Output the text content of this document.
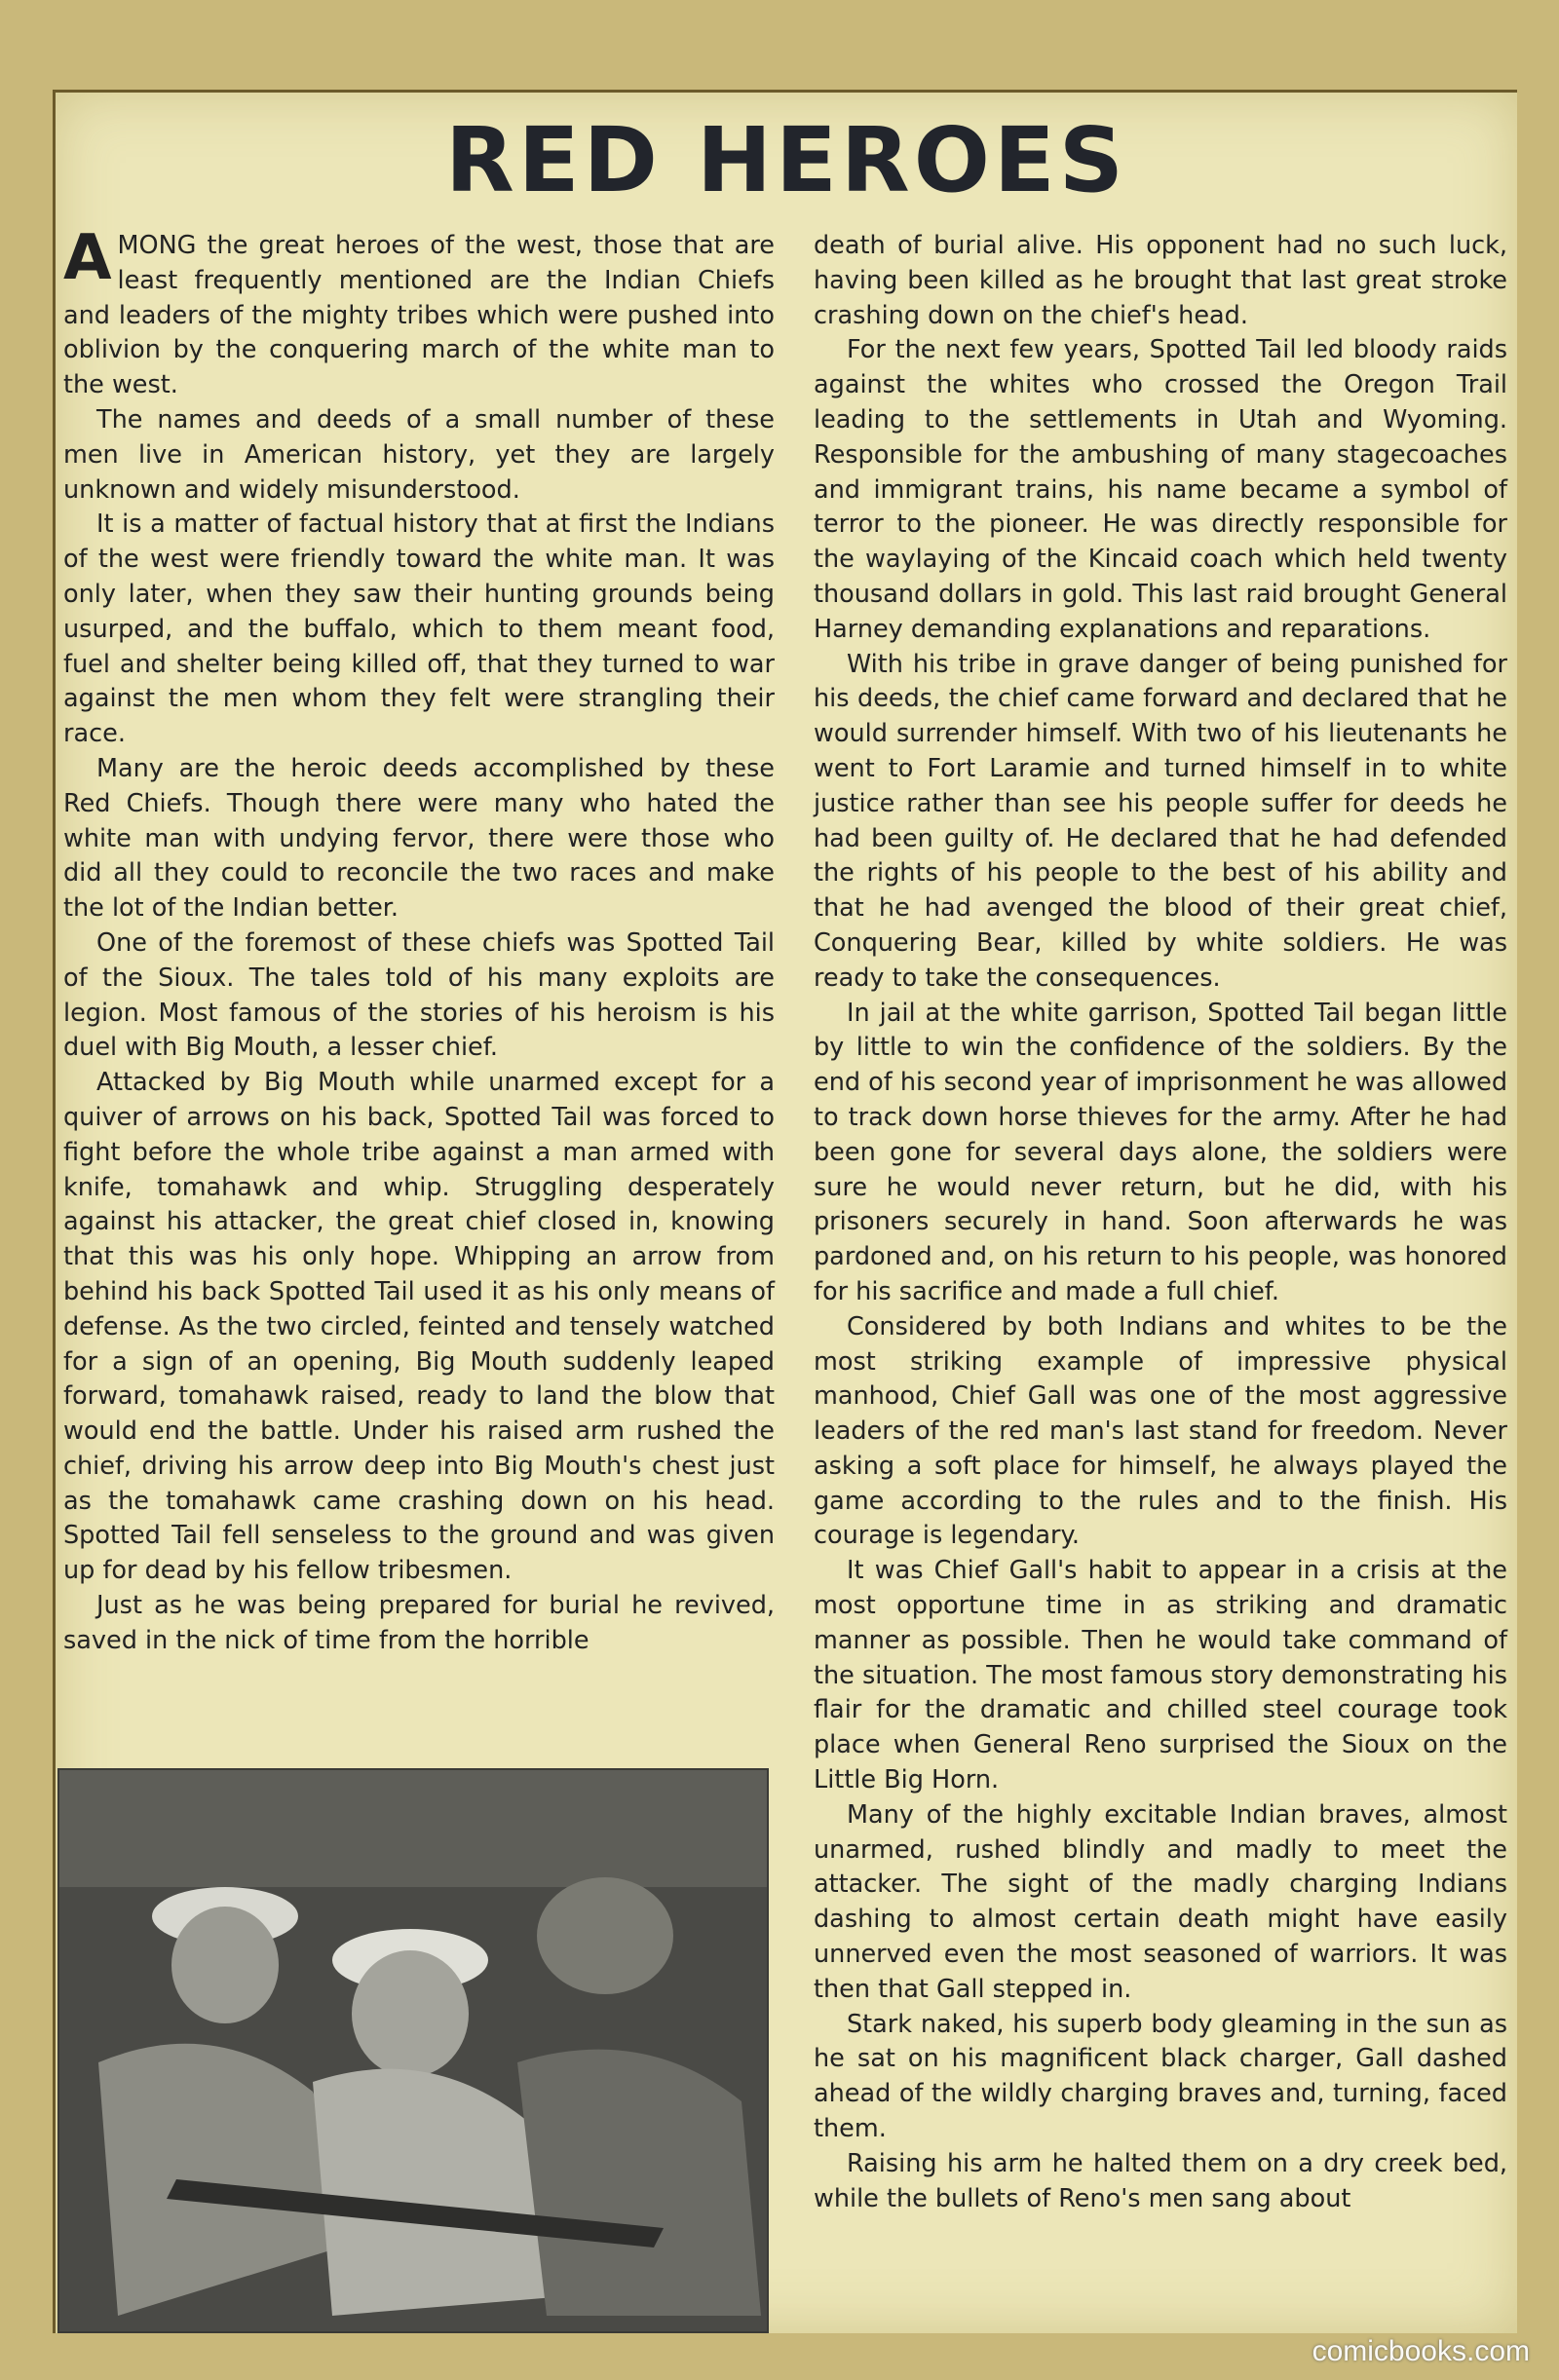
RED HEROES

AMONG the great heroes of the west, those that are least frequently mentioned are the Indian Chiefs and leaders of the mighty tribes which were pushed into oblivion by the conquering march of the white man to the west.

The names and deeds of a small number of these men live in American history, yet they are largely unknown and widely misunderstood.

It is a matter of factual history that at first the Indians of the west were friendly toward the white man. It was only later, when they saw their hunting grounds being usurped, and the buffalo, which to them meant food, fuel and shelter being killed off, that they turned to war against the men whom they felt were strangling their race.

Many are the heroic deeds accomplished by these Red Chiefs. Though there were many who hated the white man with undying fervor, there were those who did all they could to reconcile the two races and make the lot of the Indian better.

One of the foremost of these chiefs was Spotted Tail of the Sioux. The tales told of his many exploits are legion. Most famous of the stories of his heroism is his duel with Big Mouth, a lesser chief.

Attacked by Big Mouth while unarmed except for a quiver of arrows on his back, Spotted Tail was forced to fight before the whole tribe against a man armed with knife, tomahawk and whip. Struggling desperately against his attacker, the great chief closed in, knowing that this was his only hope. Whipping an arrow from behind his back Spotted Tail used it as his only means of defense. As the two circled, feinted and tensely watched for a sign of an opening, Big Mouth suddenly leaped forward, tomahawk raised, ready to land the blow that would end the battle. Under his raised arm rushed the chief, driving his arrow deep into Big Mouth's chest just as the tomahawk came crashing down on his head. Spotted Tail fell senseless to the ground and was given up for dead by his fellow tribesmen.

Just as he was being prepared for burial he revived, saved in the nick of time from the horrible

death of burial alive. His opponent had no such luck, having been killed as he brought that last great stroke crashing down on the chief's head.

For the next few years, Spotted Tail led bloody raids against the whites who crossed the Oregon Trail leading to the settlements in Utah and Wyoming. Responsible for the ambushing of many stagecoaches and immigrant trains, his name became a symbol of terror to the pioneer. He was directly responsible for the waylaying of the Kincaid coach which held twenty thousand dollars in gold. This last raid brought General Harney demanding explanations and reparations.

With his tribe in grave danger of being punished for his deeds, the chief came forward and declared that he would surrender himself. With two of his lieutenants he went to Fort Laramie and turned himself in to white justice rather than see his people suffer for deeds he had been guilty of. He declared that he had defended the rights of his people to the best of his ability and that he had avenged the blood of their great chief, Conquering Bear, killed by white soldiers. He was ready to take the consequences.

In jail at the white garrison, Spotted Tail began little by little to win the confidence of the soldiers. By the end of his second year of imprisonment he was allowed to track down horse thieves for the army. After he had been gone for several days alone, the soldiers were sure he would never return, but he did, with his prisoners securely in hand. Soon afterwards he was pardoned and, on his return to his people, was honored for his sacrifice and made a full chief.

Considered by both Indians and whites to be the most striking example of impressive physical manhood, Chief Gall was one of the most aggressive leaders of the red man's last stand for freedom. Never asking a soft place for himself, he always played the game according to the rules and to the finish. His courage is legendary.

It was Chief Gall's habit to appear in a crisis at the most opportune time in as striking and dramatic manner as possible. Then he would take command of the situation. The most famous story demonstrating his flair for the dramatic and chilled steel courage took place when General Reno surprised the Sioux on the Little Big Horn.

Many of the highly excitable Indian braves, almost unarmed, rushed blindly and madly to meet the attacker. The sight of the madly charging Indians dashing to almost certain death might have easily unnerved even the most seasoned of warriors. It was then that Gall stepped in.

Stark naked, his superb body gleaming in the sun as he sat on his magnificent black charger, Gall dashed ahead of the wildly charging braves and, turning, faced them.

Raising his arm he halted them on a dry creek bed, while the bullets of Reno's men sang about

comicbooks.com
